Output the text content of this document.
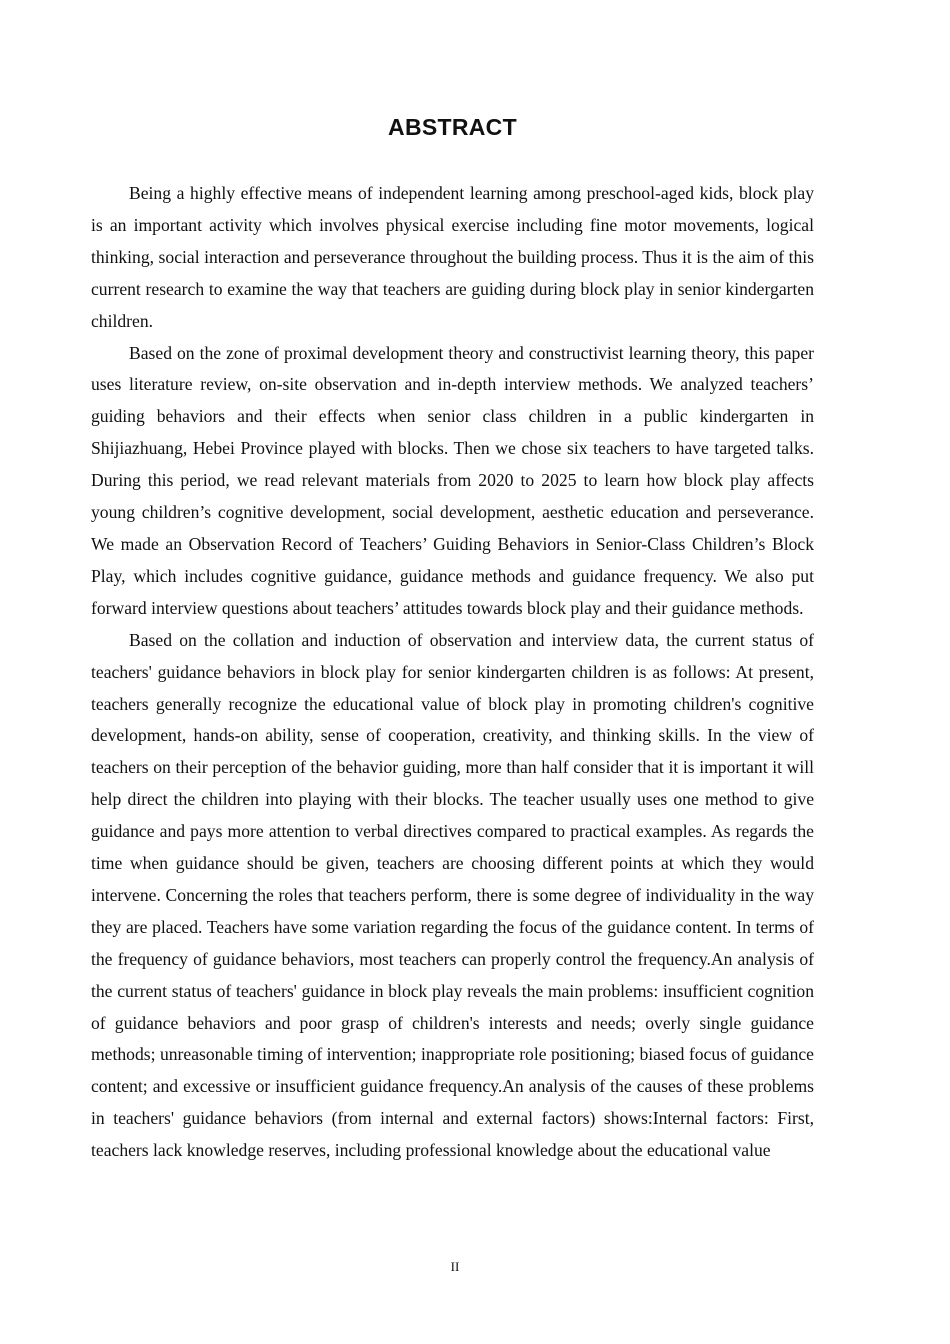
ABSTRACT

Being a highly effective means of independent learning among preschool-aged kids, block play is an important activity which involves physical exercise including fine motor movements, logical thinking, social interaction and perseverance throughout the building process. Thus it is the aim of this current research to examine the way that teachers are guiding during block play in senior kindergarten children.

Based on the zone of proximal development theory and constructivist learning theory, this paper uses literature review, on-site observation and in-depth interview methods. We analyzed teachers’ guiding behaviors and their effects when senior class children in a public kindergarten in Shijiazhuang, Hebei Province played with blocks. Then we chose six teachers to have targeted talks. During this period, we read relevant materials from 2020 to 2025 to learn how block play affects young children’s cognitive development, social development, aesthetic education and perseverance. We made an Observation Record of Teachers’ Guiding Behaviors in Senior-Class Children’s Block Play, which includes cognitive guidance, guidance methods and guidance frequency. We also put forward interview questions about teachers’ attitudes towards block play and their guidance methods.

Based on the collation and induction of observation and interview data, the current status of teachers' guidance behaviors in block play for senior kindergarten children is as follows: At present, teachers generally recognize the educational value of block play in promoting children's cognitive development, hands-on ability, sense of cooperation, creativity, and thinking skills. In the view of teachers on their perception of the behavior guiding, more than half consider that it is important it will help direct the children into playing with their blocks. The teacher usually uses one method to give guidance and pays more attention to verbal directives compared to practical examples. As regards the time when guidance should be given, teachers are choosing different points at which they would intervene. Concerning the roles that teachers perform, there is some degree of individuality in the way they are placed. Teachers have some variation regarding the focus of the guidance content. In terms of the frequency of guidance behaviors, most teachers can properly control the frequency.An analysis of the current status of teachers' guidance in block play reveals the main problems: insufficient cognition of guidance behaviors and poor grasp of children's interests and needs; overly single guidance methods; unreasonable timing of intervention; inappropriate role positioning; biased focus of guidance content; and excessive or insufficient guidance frequency.An analysis of the causes of these problems in teachers' guidance behaviors (from internal and external factors) shows:Internal factors: First, teachers lack knowledge reserves, including professional knowledge about the educational value

II
